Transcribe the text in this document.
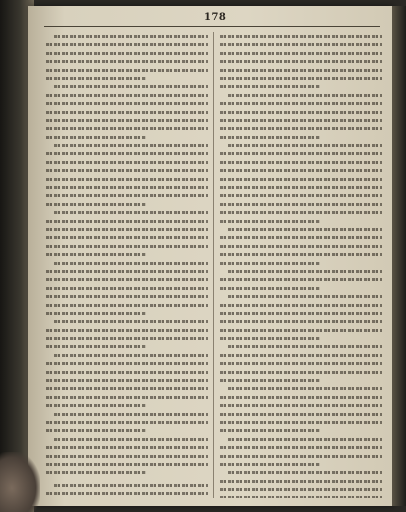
178
